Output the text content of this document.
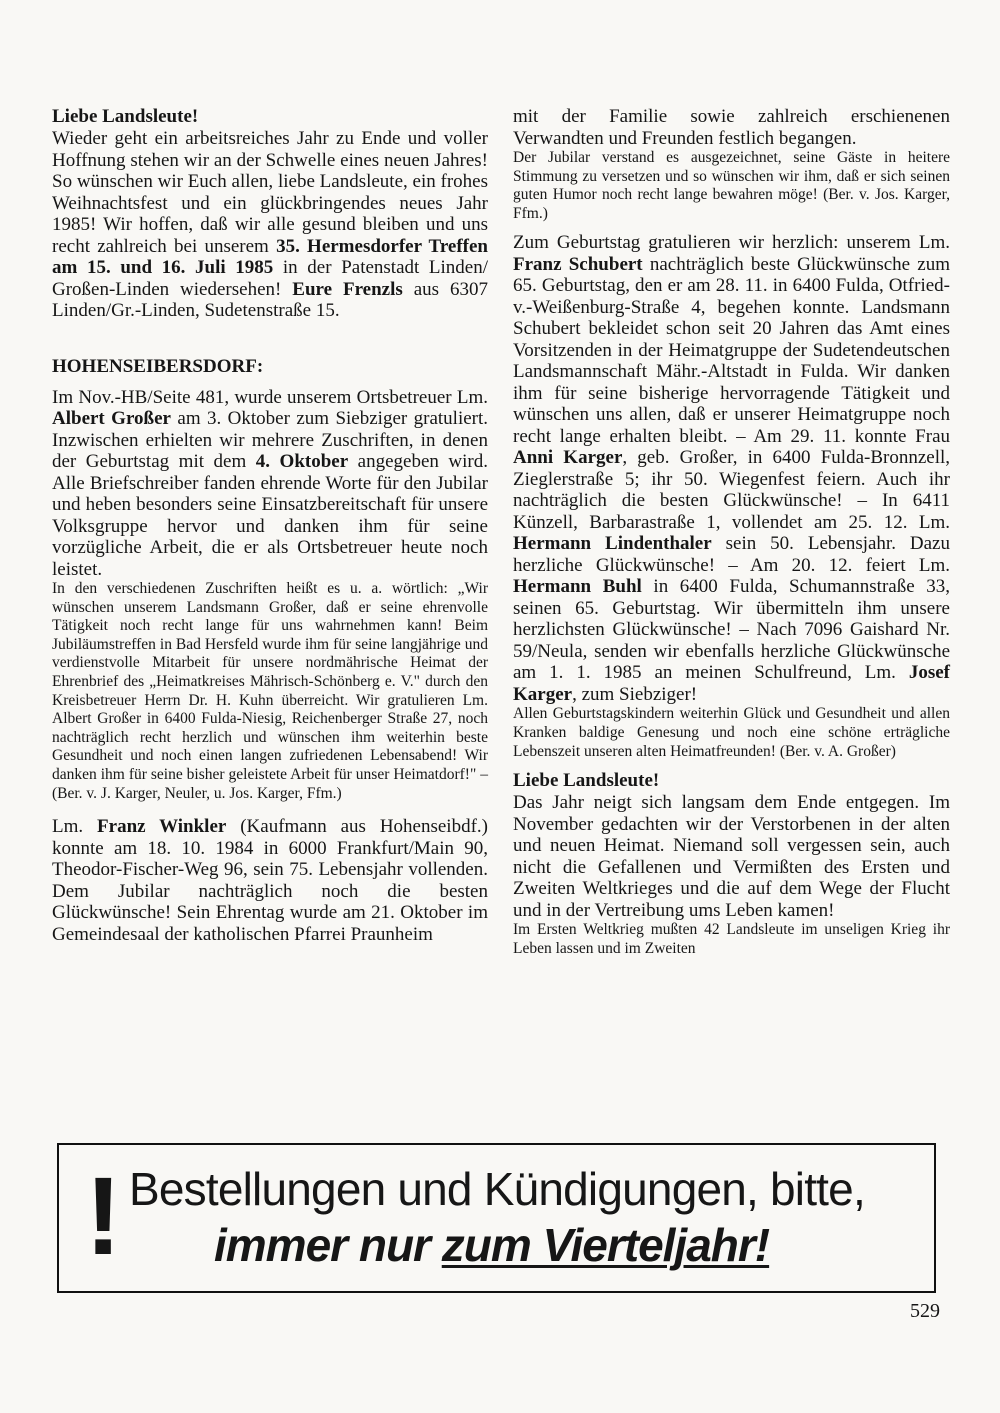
Liebe Landsleute!

Wieder geht ein arbeitsreiches Jahr zu Ende und voller Hoffnung stehen wir an der Schwelle eines neuen Jahres! So wünschen wir Euch allen, liebe Landsleute, ein frohes Weihnachtsfest und ein glückbringendes neues Jahr 1985! Wir hoffen, daß wir alle gesund bleiben und uns recht zahlreich bei unserem 35. Hermesdorfer Treffen am 15. und 16. Juli 1985 in der Patenstadt Linden/ Großen-Linden wiedersehen! Eure Frenzls aus 6307 Linden/Gr.-Linden, Sudetenstraße 15.

HOHENSEIBERSDORF:

Im Nov.-HB/Seite 481, wurde unserem Ortsbetreuer Lm. Albert Großer am 3. Oktober zum Siebziger gratuliert. Inzwischen erhielten wir mehrere Zuschriften, in denen der Geburtstag mit dem 4. Oktober angegeben wird. Alle Briefschreiber fanden ehrende Worte für den Jubilar und heben besonders seine Einsatzbereitschaft für unsere Volksgruppe hervor und danken ihm für seine vorzügliche Arbeit, die er als Ortsbetreuer heute noch leistet.

In den verschiedenen Zuschriften heißt es u. a. wörtlich: „Wir wünschen unserem Landsmann Großer, daß er seine ehrenvolle Tätigkeit noch recht lange für uns wahrnehmen kann! Beim Jubiläumstreffen in Bad Hersfeld wurde ihm für seine langjährige und verdienstvolle Mitarbeit für unsere nordmährische Heimat der Ehrenbrief des „Heimatkreises Mährisch-Schönberg e. V." durch den Kreisbetreuer Herrn Dr. H. Kuhn überreicht. Wir gratulieren Lm. Albert Großer in 6400 Fulda-Niesig, Reichenberger Straße 27, noch nachträglich recht herzlich und wünschen ihm weiterhin beste Gesundheit und noch einen langen zufriedenen Lebensabend! Wir danken ihm für seine bisher geleistete Arbeit für unser Heimatdorf!" – (Ber. v. J. Karger, Neuler, u. Jos. Karger, Ffm.)

Lm. Franz Winkler (Kaufmann aus Hohenseibdf.) konnte am 18. 10. 1984 in 6000 Frankfurt/Main 90, Theodor-Fischer-Weg 96, sein 75. Lebensjahr vollenden. Dem Jubilar nachträglich noch die besten Glückwünsche! Sein Ehrentag wurde am 21. Oktober im Gemeindesaal der katholischen Pfarrei Praunheim

mit der Familie sowie zahlreich erschienenen Verwandten und Freunden festlich begangen.

Der Jubilar verstand es ausgezeichnet, seine Gäste in heitere Stimmung zu versetzen und so wünschen wir ihm, daß er sich seinen guten Humor noch recht lange bewahren möge! (Ber. v. Jos. Karger, Ffm.)

Zum Geburtstag gratulieren wir herzlich: unserem Lm. Franz Schubert nachträglich beste Glückwünsche zum 65. Geburtstag, den er am 28. 11. in 6400 Fulda, Otfried-v.-Weißenburg-Straße 4, begehen konnte. Landsmann Schubert bekleidet schon seit 20 Jahren das Amt eines Vorsitzenden in der Heimatgruppe der Sudetendeutschen Landsmannschaft Mähr.-Altstadt in Fulda. Wir danken ihm für seine bisherige hervorragende Tätigkeit und wünschen uns allen, daß er unserer Heimatgruppe noch recht lange erhalten bleibt. – Am 29. 11. konnte Frau Anni Karger, geb. Großer, in 6400 Fulda-Bronnzell, Zieglerstraße 5; ihr 50. Wiegenfest feiern. Auch ihr nachträglich die besten Glückwünsche! – In 6411 Künzell, Barbarastraße 1, vollendet am 25. 12. Lm. Hermann Lindenthaler sein 50. Lebensjahr. Dazu herzliche Glückwünsche! – Am 20. 12. feiert Lm. Hermann Buhl in 6400 Fulda, Schumannstraße 33, seinen 65. Geburtstag. Wir übermitteln ihm unsere herzlichsten Glückwünsche! – Nach 7096 Gaishard Nr. 59/Neula, senden wir ebenfalls herzliche Glückwünsche am 1. 1. 1985 an meinen Schulfreund, Lm. Josef Karger, zum Siebziger!

Allen Geburtstagskindern weiterhin Glück und Gesundheit und allen Kranken baldige Genesung und noch eine schöne erträgliche Lebenszeit unseren alten Heimatfreunden! (Ber. v. A. Großer)

Liebe Landsleute!

Das Jahr neigt sich langsam dem Ende entgegen. Im November gedachten wir der Verstorbenen in der alten und neuen Heimat. Niemand soll vergessen sein, auch nicht die Gefallenen und Vermißten des Ersten und Zweiten Weltkrieges und die auf dem Wege der Flucht und in der Vertreibung ums Leben kamen!

Im Ersten Weltkrieg mußten 42 Landsleute im unseligen Krieg ihr Leben lassen und im Zweiten

! Bestellungen und Kündigungen, bitte,
immer nur zum Vierteljahr!
529
